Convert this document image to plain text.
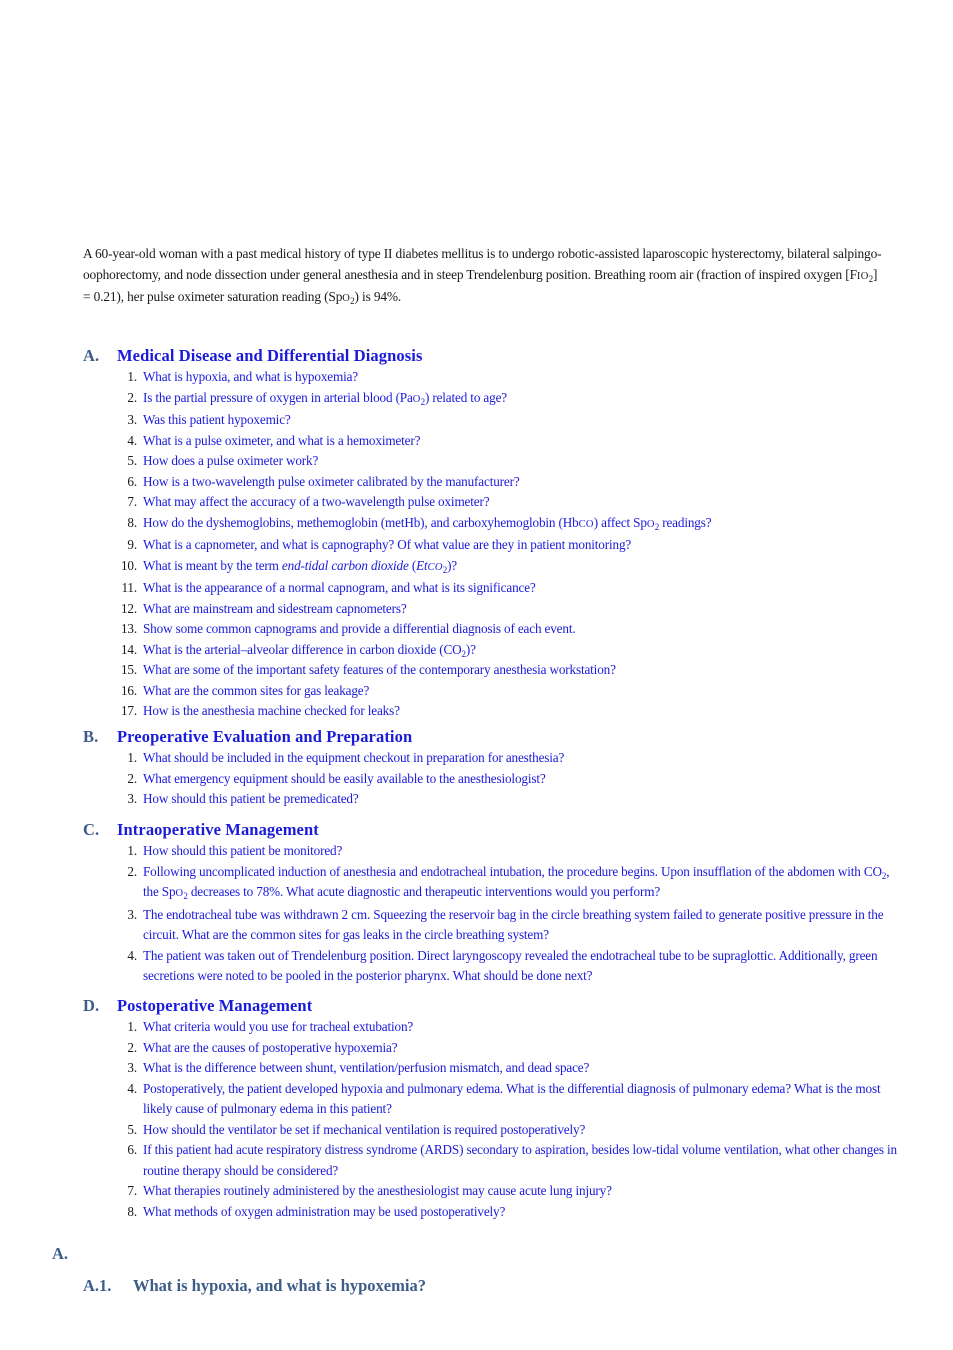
A 60-year-old woman with a past medical history of type II diabetes mellitus is to undergo robotic-assisted laparoscopic hysterectomy, bilateral salpingo-oophorectomy, and node dissection under general anesthesia and in steep Trendelenburg position. Breathing room air (fraction of inspired oxygen $[FIO_2] = 0.21$), her pulse oximeter saturation reading (SpO$_2$) is 94%.

A. Medical Disease and Differential Diagnosis
1. What is hypoxia, and what is hypoxemia?
2. Is the partial pressure of oxygen in arterial blood (PaO$_2$) related to age?
3. Was this patient hypoxemic?
4. What is a pulse oximeter, and what is a hemoximeter?
5. How does a pulse oximeter work?
6. How is a two-wavelength pulse oximeter calibrated by the manufacturer?
7. What may affect the accuracy of a two-wavelength pulse oximeter?
8. How do the dyshemoglobins, methemoglobin (metHb), and carboxyhemoglobin (HbCO) affect SpO$_2$ readings?
9. What is a capnometer, and what is capnography? Of what value are they in patient monitoring?
10. What is meant by the term end-tidal carbon dioxide (EtCO$_2$)?
11. What is the appearance of a normal capnogram, and what is its significance?
12. What are mainstream and sidestream capnometers?
13. Show some common capnograms and provide a differential diagnosis of each event.
14. What is the arterial–alveolar difference in carbon dioxide $(CO_2)$?
15. What are some of the important safety features of the contemporary anesthesia workstation?
16. What are the common sites for gas leakage?
17. How is the anesthesia machine checked for leaks?
B. Preoperative Evaluation and Preparation
1. What should be included in the equipment checkout in preparation for anesthesia?
2. What emergency equipment should be easily available to the anesthesiologist?
3. How should this patient be premedicated?
C. Intraoperative Management
1. How should this patient be monitored?
2. Following uncomplicated induction of anesthesia and endotracheal intubation, the procedure begins. Upon insufflation of the abdomen with $CO_2$, the SpO$_2$ decreases to 78%. What acute diagnostic and therapeutic interventions would you perform?
3. The endotracheal tube was withdrawn 2 cm. Squeezing the reservoir bag in the circle breathing system failed to generate positive pressure in the circuit. What are the common sites for gas leaks in the circle breathing system?
4. The patient was taken out of Trendelenburg position. Direct laryngoscopy revealed the endotracheal tube to be supraglottic. Additionally, green secretions were noted to be pooled in the posterior pharynx. What should be done next?
D. Postoperative Management
1. What criteria would you use for tracheal extubation?
2. What are the causes of postoperative hypoxemia?
3. What is the difference between shunt, ventilation/perfusion mismatch, and dead space?
4. Postoperatively, the patient developed hypoxia and pulmonary edema. What is the differential diagnosis of pulmonary edema? What is the most likely cause of pulmonary edema in this patient?
5. How should the ventilator be set if mechanical ventilation is required postoperatively?
6. If this patient had acute respiratory distress syndrome (ARDS) secondary to aspiration, besides low-tidal volume ventilation, what other changes in routine therapy should be considered?
7. What therapies routinely administered by the anesthesiologist may cause acute lung injury?
8. What methods of oxygen administration may be used postoperatively?
A.
A.1. What is hypoxia, and what is hypoxemia?
